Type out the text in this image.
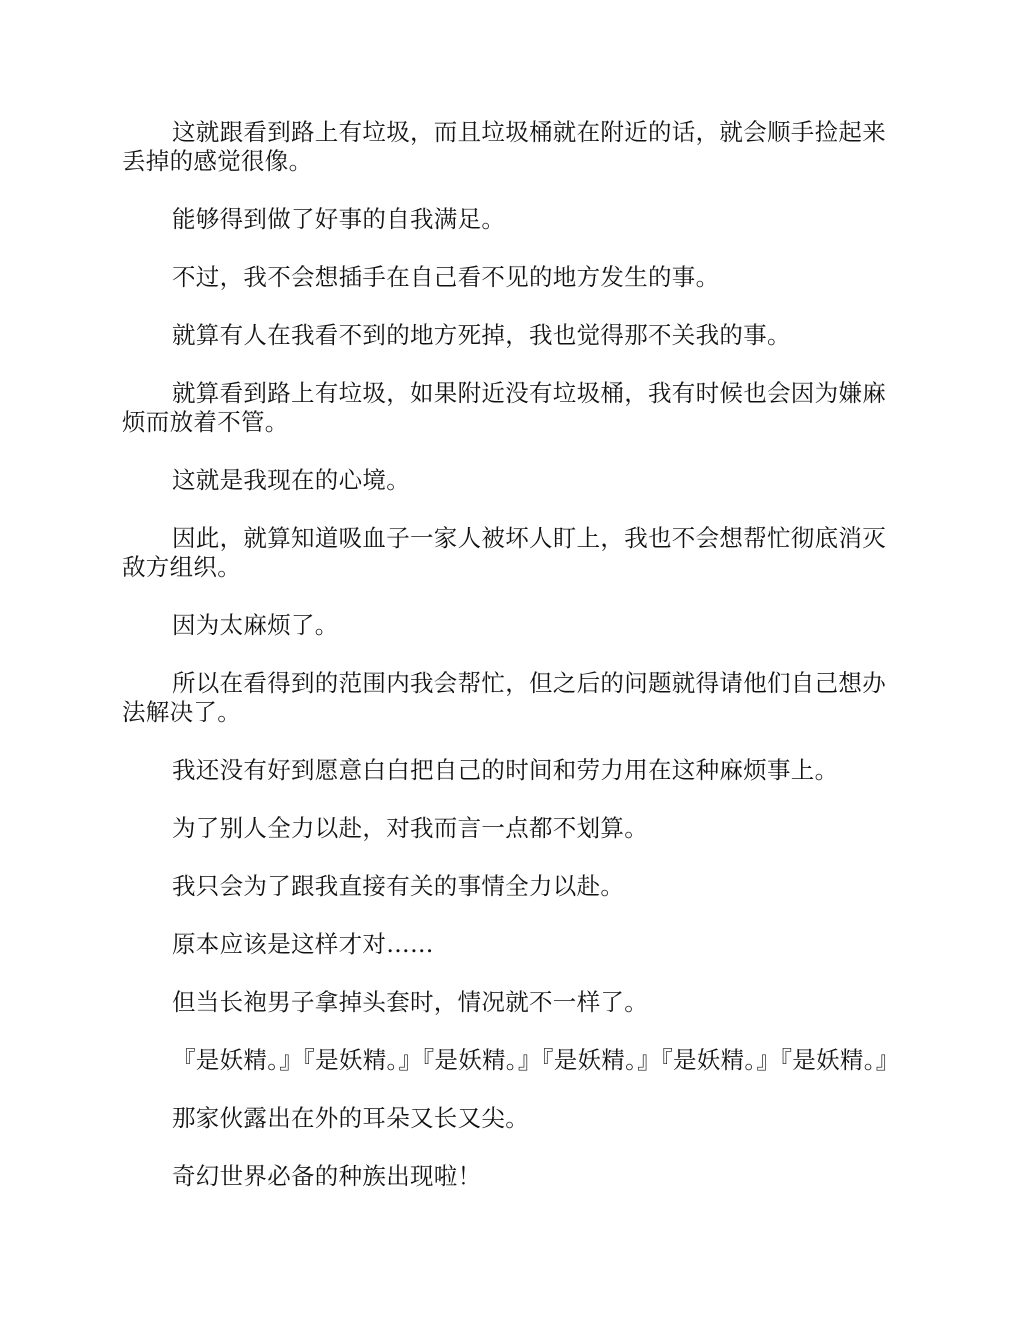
这就跟看到路上有垃圾，而且垃圾桶就在附近的话，就会顺手捡起来丢掉的感觉很像。

能够得到做了好事的自我满足。

不过，我不会想插手在自己看不见的地方发生的事。

就算有人在我看不到的地方死掉，我也觉得那不关我的事。

就算看到路上有垃圾，如果附近没有垃圾桶，我有时候也会因为嫌麻烦而放着不管。

这就是我现在的心境。

因此，就算知道吸血子一家人被坏人盯上，我也不会想帮忙彻底消灭敌方组织。

因为太麻烦了。

所以在看得到的范围内我会帮忙，但之后的问题就得请他们自己想办法解决了。

我还没有好到愿意白白把自己的时间和劳力用在这种麻烦事上。

为了别人全力以赴，对我而言一点都不划算。

我只会为了跟我直接有关的事情全力以赴。

原本应该是这样才对……

但当长袍男子拿掉头套时，情况就不一样了。

『是妖精。』『是妖精。』『是妖精。』『是妖精。』『是妖精。』『是妖精。』

那家伙露出在外的耳朵又长又尖。

奇幻世界必备的种族出现啦！
